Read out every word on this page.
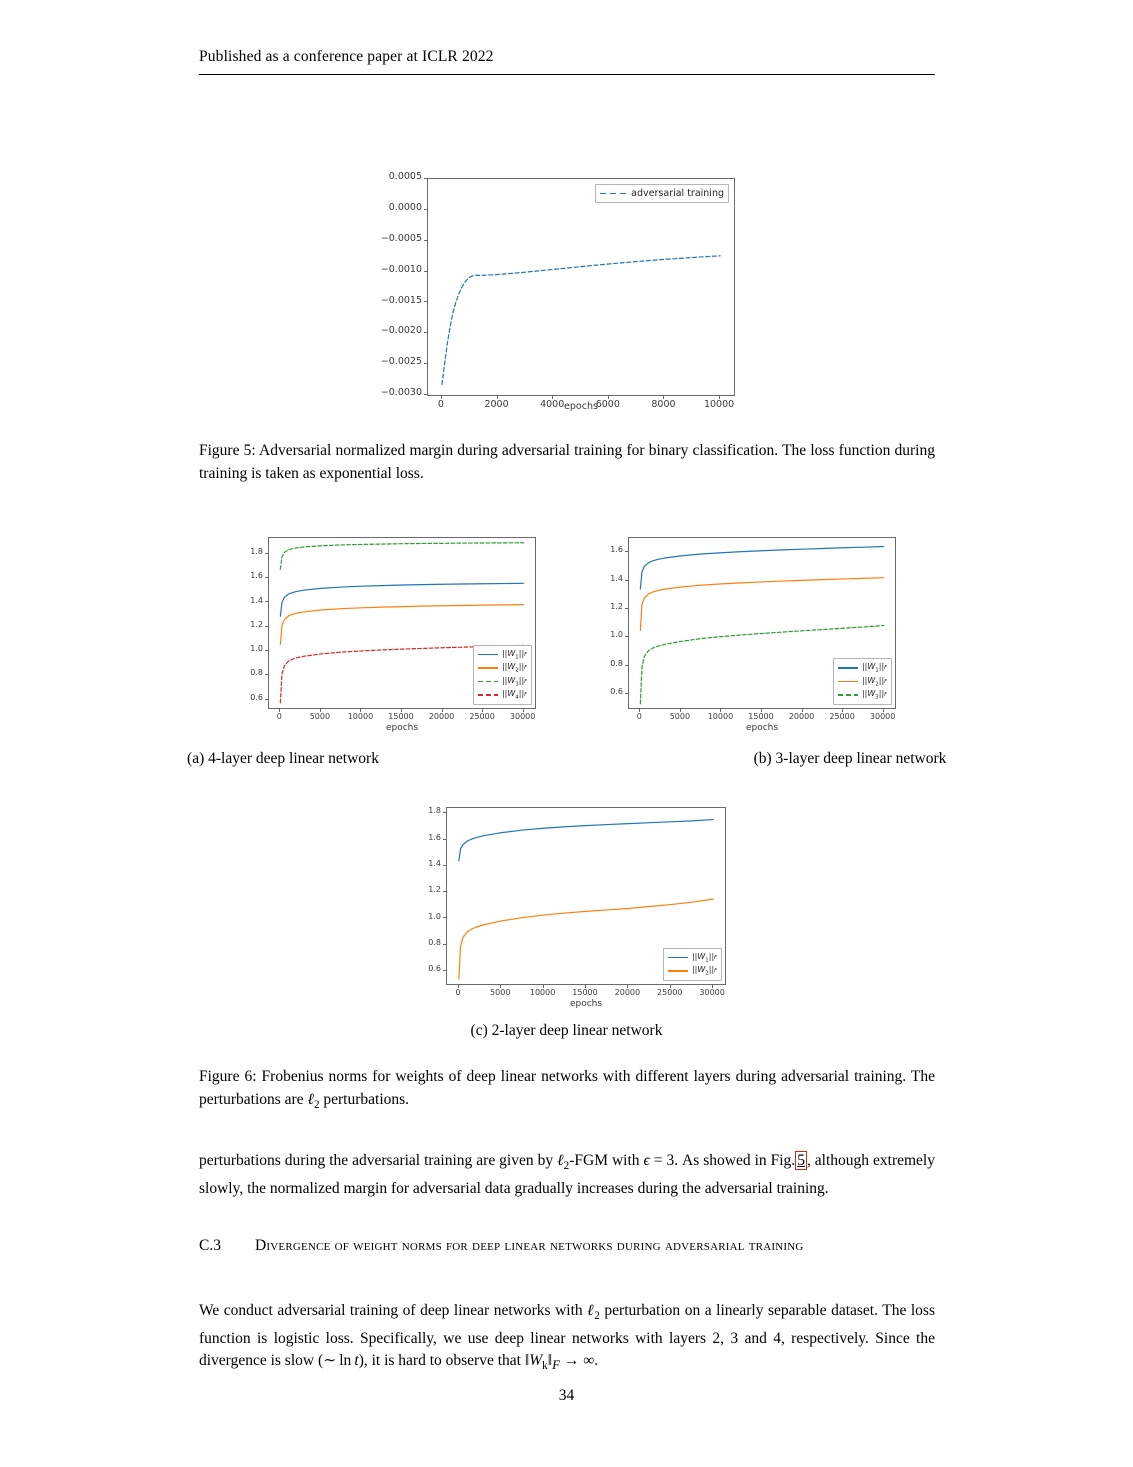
Published as a conference paper at ICLR 2022
adversarial training
epochs
0.0005
0.0000
−0.0005
−0.0010
−0.0015
−0.0020
−0.0025
−0.0030
0	2000	4000	6000	8000	10000
Figure 5: Adversarial normalized margin during adversarial training for binary classification. The loss function during training is taken as exponential loss.
$||W_1||F$
$||W_2||F$
$||W_3||F$
$||W_4||F$
epochs
0.6
0.8
1.0
1.2
1.4
1.6
1.8
0	5000	10000	15000	20000	25000	30000
$||W_1||F$
$||W_2||F$
$||W_3||F$
epochs
0.6
0.8
1.0
1.2
1.4
1.6
0	5000	10000	15000	20000	25000	30000
(a) 4-layer deep linear network	(b) 3-layer deep linear network
$||W_1||F$
$||W_2||F$
epochs
0.6
0.8
1.0
1.2
1.4
1.6
1.8
0	5000	10000	15000	20000	25000	30000
(c) 2-layer deep linear network
Figure 6: Frobenius norms for weights of deep linear networks with different layers during adversarial training. The perturbations are ℓ$_2$ perturbations.
perturbations during the adversarial training are given by ℓ$_2$-FGM with ϵ = 3. As showed in Fig. 5 , although extremely slowly, the normalized margin for adversarial data gradually increases during the adversarial training.
C.3 Divergence of weight norms for deep linear networks during adversarial training
We conduct adversarial training of deep linear networks with ℓ$_2$ perturbation on a linearly separable dataset. The loss function is logistic loss. Specifically, we use deep linear networks with layers 2, 3 and 4, respectively. Since the divergence is slow (∼ ln t), it is hard to observe that $‖W_k‖_F$ → ∞.
34
